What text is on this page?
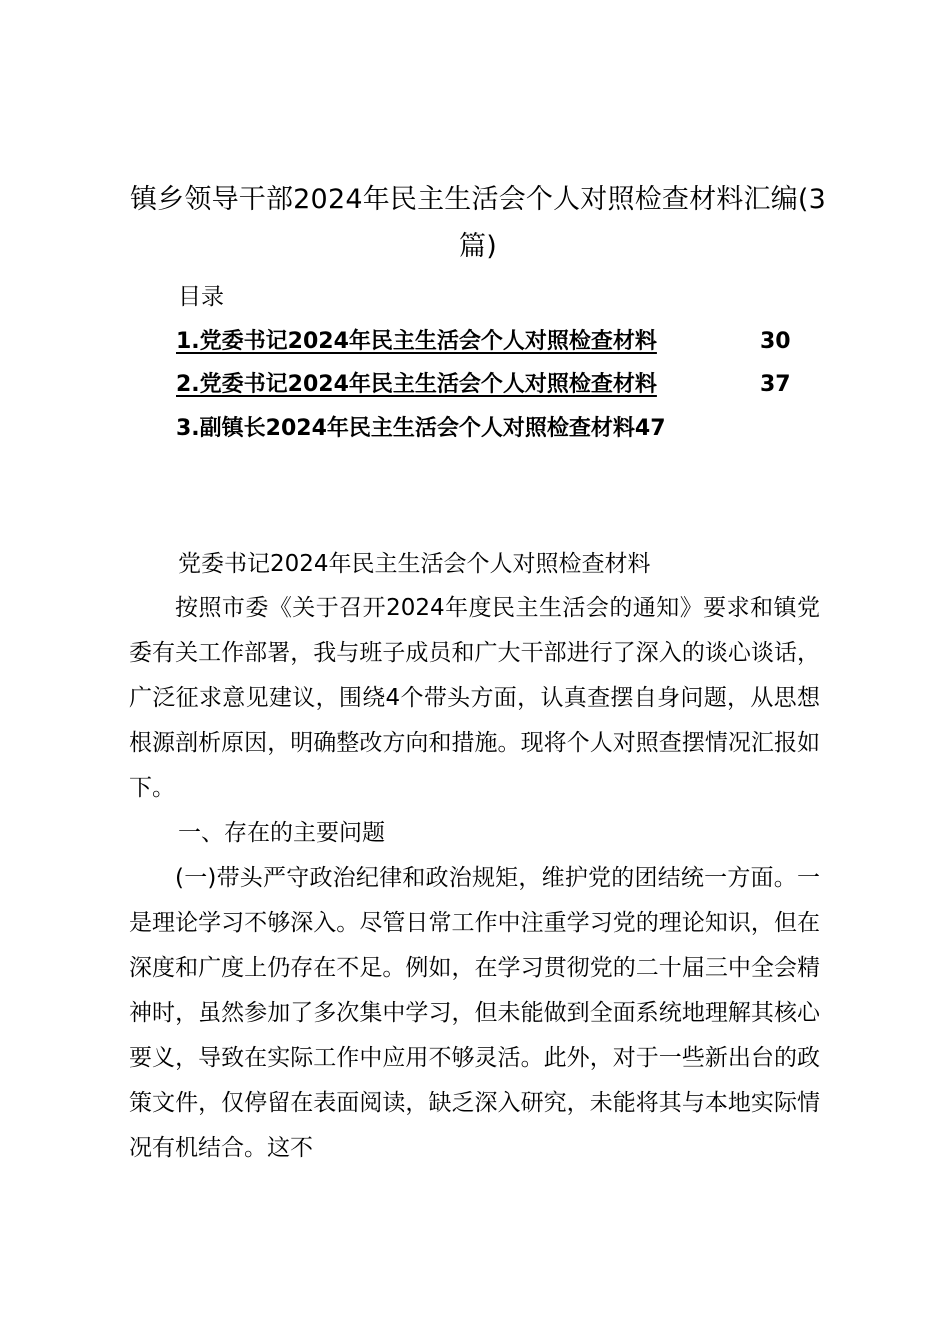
镇乡领导干部2024年民主生活会个人对照检查材料汇编(3篇)
目录
1.党委书记2024年民主生活会个人对照检查材料	30
2.党委书记2024年民主生活会个人对照检查材料	37
3.副镇长2024年民主生活会个人对照检查材料47
党委书记2024年民主生活会个人对照检查材料
按照市委《关于召开2024年度民主生活会的通知》要求和镇党委有关工作部署，我与班子成员和广大干部进行了深入的谈心谈话，广泛征求意见建议，围绕4个带头方面，认真查摆自身问题，从思想根源剖析原因，明确整改方向和措施。现将个人对照查摆情况汇报如下。
一、存在的主要问题
(一)带头严守政治纪律和政治规矩，维护党的团结统一方面。一是理论学习不够深入。尽管日常工作中注重学习党的理论知识，但在深度和广度上仍存在不足。例如，在学习贯彻党的二十届三中全会精神时，虽然参加了多次集中学习，但未能做到全面系统地理解其核心要义，导致在实际工作中应用不够灵活。此外，对于一些新出台的政策文件，仅停留在表面阅读，缺乏深入研究，未能将其与本地实际情况有机结合。这不
